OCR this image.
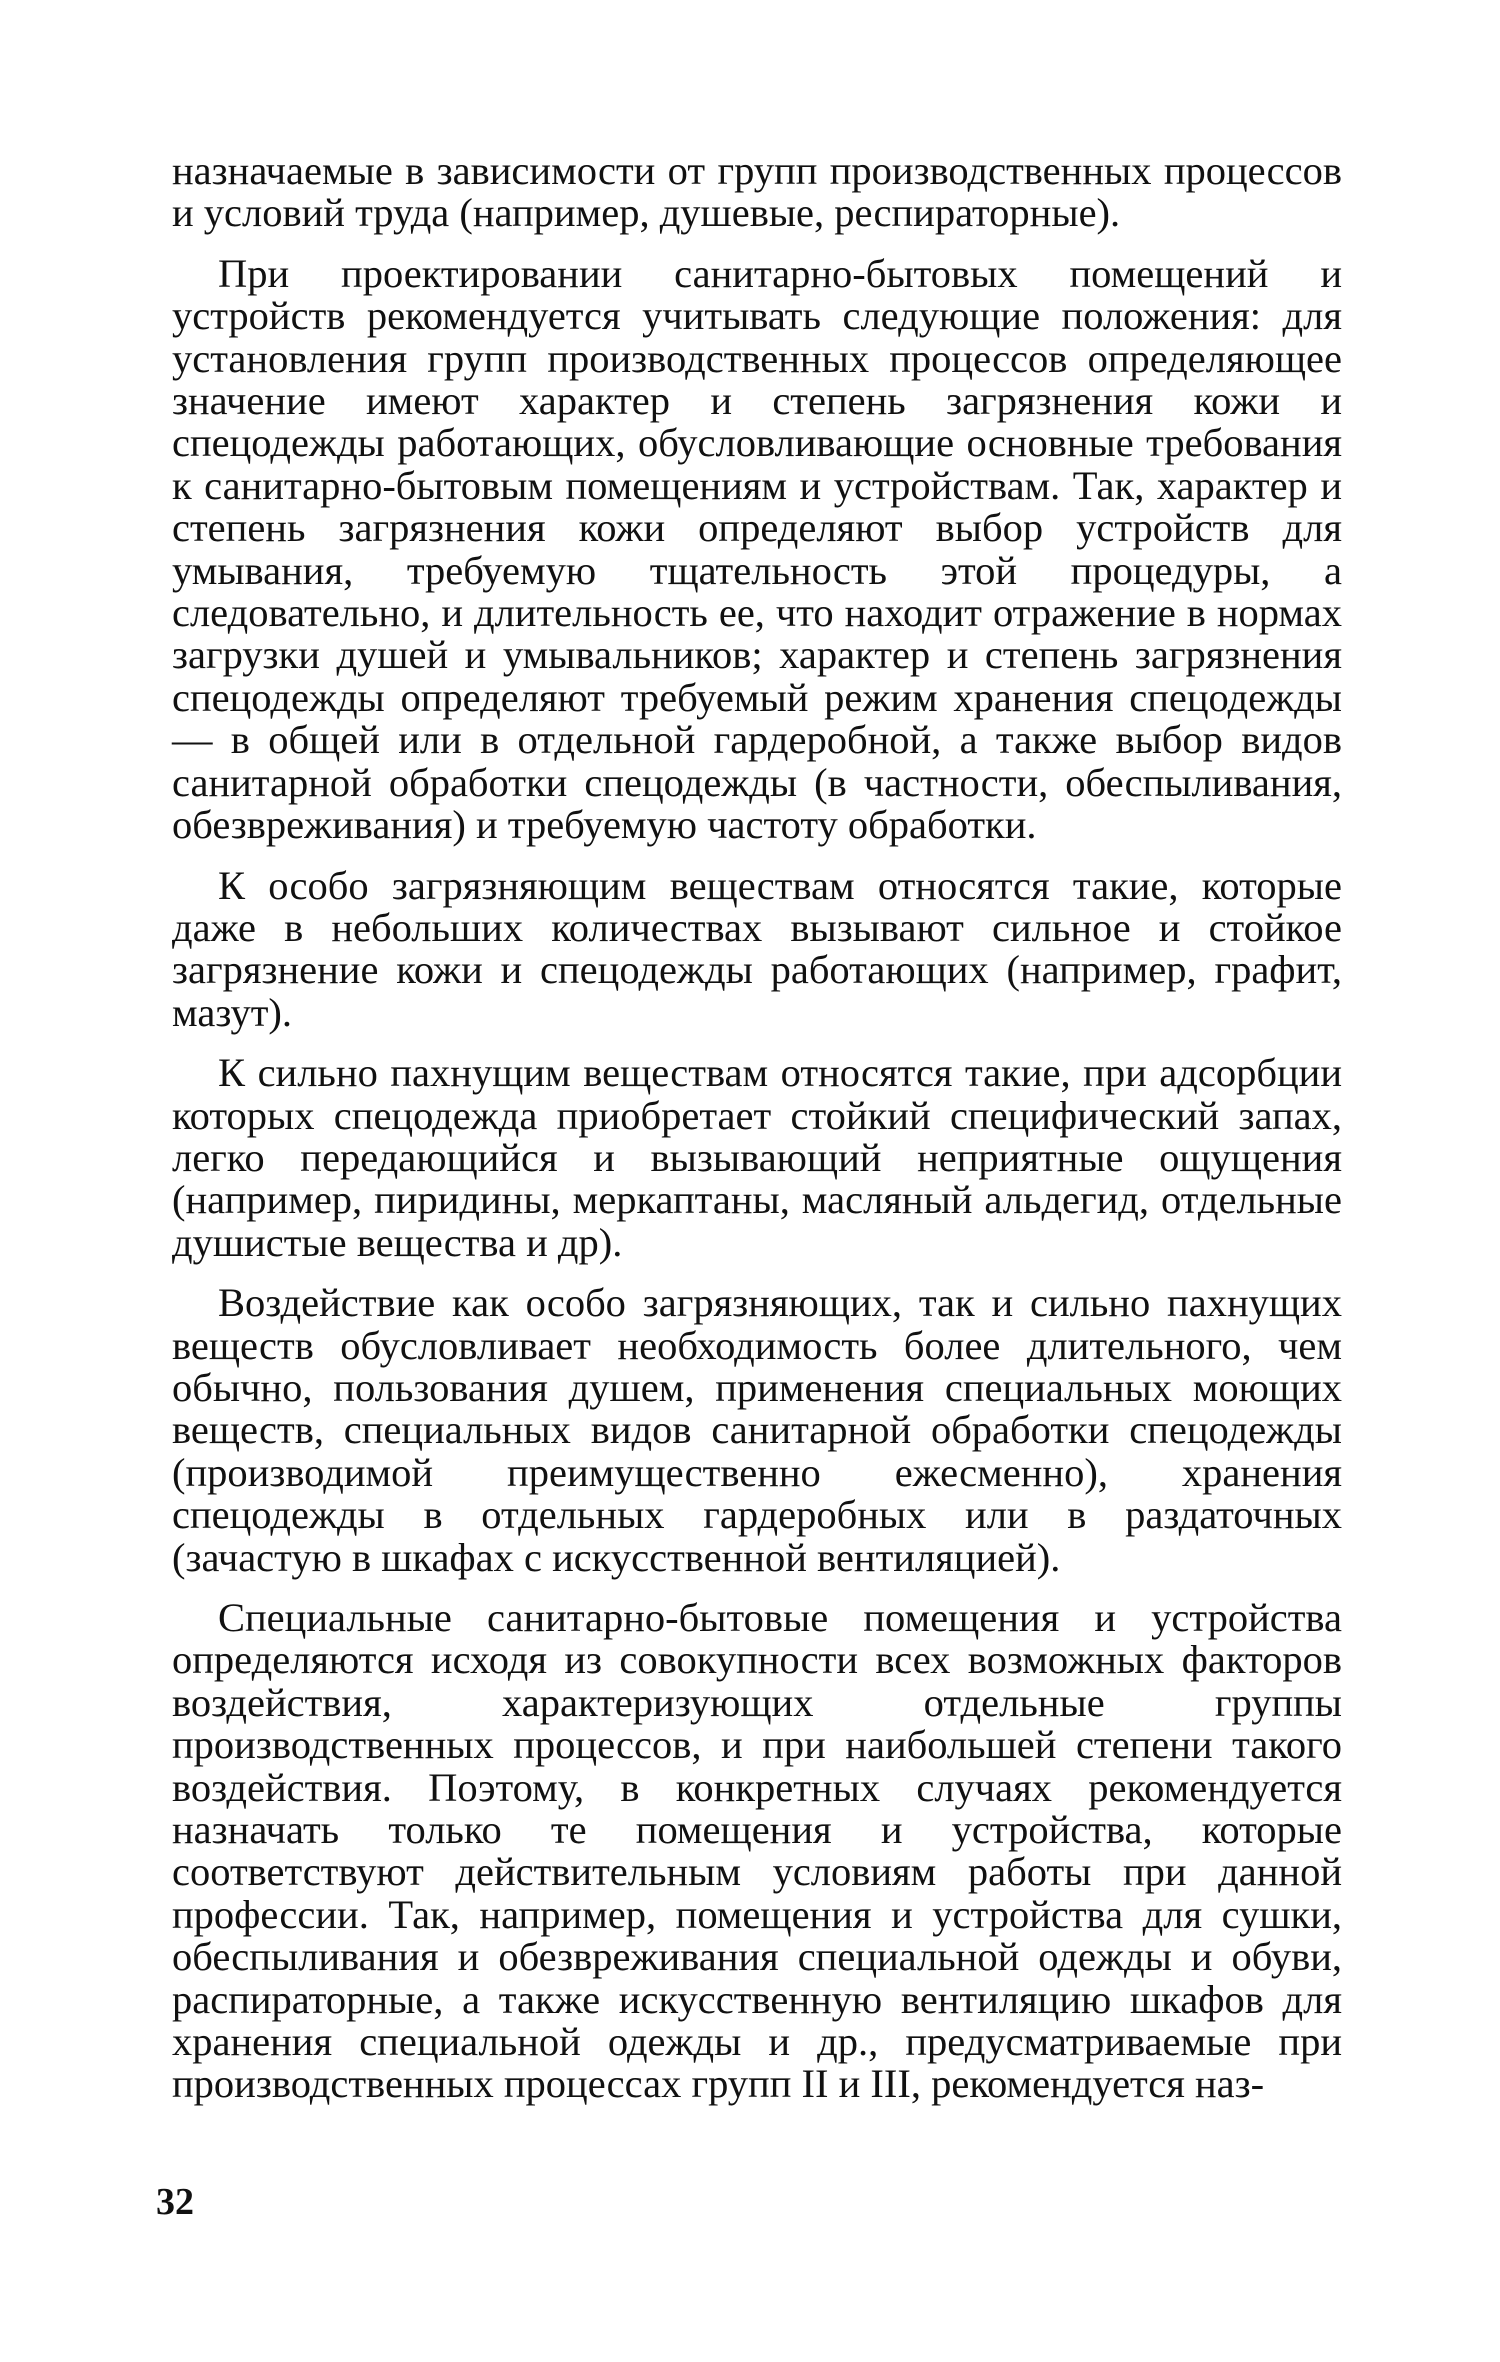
назначаемые в зависимости от групп производственных процессов и условий труда (например, душевые, респираторные).

При проектировании санитарно-бытовых помещений и устройств рекомендуется учитывать следующие положения: для установления групп производственных процессов определяющее значение имеют характер и степень загрязнения кожи и спецодежды работающих, обусловливающие основные требования к санитарно-бытовым помещениям и устройствам. Так, характер и степень загрязнения кожи определяют выбор устройств для умывания, требуемую тщательность этой процедуры, а следовательно, и длительность ее, что находит отражение в нормах загрузки душей и умывальников; характер и степень загрязнения спецодежды определяют требуемый режим хранения спецодежды — в общей или в отдельной гардеробной, а также выбор видов санитарной обработки спецодежды (в частности, обеспыливания, обезвреживания) и требуемую частоту обработки.

К особо загрязняющим веществам относятся такие, которые даже в небольших количествах вызывают сильное и стойкое загрязнение кожи и спецодежды работающих (например, графит, мазут).

К сильно пахнущим веществам относятся такие, при адсорбции которых спецодежда приобретает стойкий специфический запах, легко передающийся и вызывающий неприятные ощущения (например, пиридины, меркаптаны, масляный альдегид, отдельные душистые вещества и др).

Воздействие как особо загрязняющих, так и сильно пахнущих веществ обусловливает необходимость более длительного, чем обычно, пользования душем, применения специальных моющих веществ, специальных видов санитарной обработки спецодежды (производимой преимущественно ежесменно), хранения спецодежды в отдельных гардеробных или в раздаточных (зачастую в шкафах с искусственной вентиляцией).

Специальные санитарно-бытовые помещения и устройства определяются исходя из совокупности всех возможных факторов воздействия, характеризующих отдельные группы производственных процессов, и при наибольшей степени такого воздействия. Поэтому, в конкретных случаях рекомендуется назначать только те помещения и устройства, которые соответствуют действительным условиям работы при данной профессии. Так, например, помещения и устройства для сушки, обеспыливания и обезвреживания специальной одежды и обуви, распираторные, а также искусственную вентиляцию шкафов для хранения специальной одежды и др., предусматриваемые при производственных процессах групп II и III, рекомендуется наз-

32
